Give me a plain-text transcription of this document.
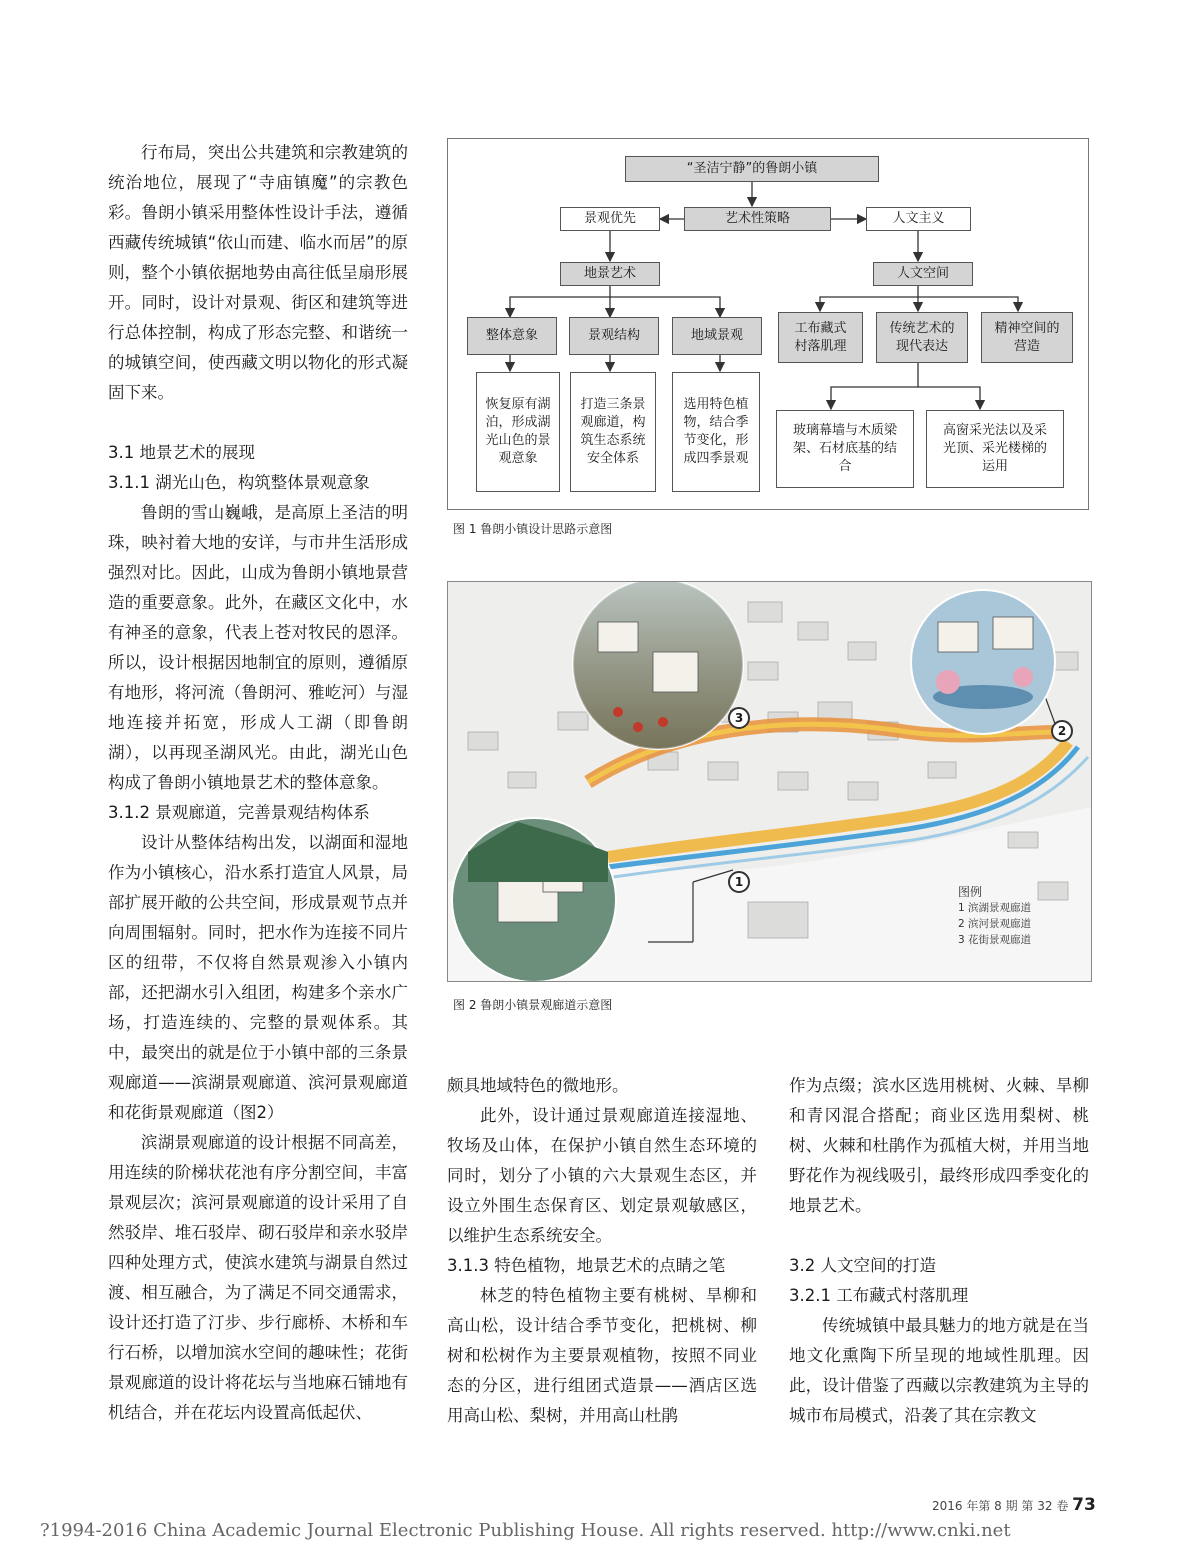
行布局，突出公共建筑和宗教建筑的统治地位，展现了“寺庙镇魔”的宗教色彩。鲁朗小镇采用整体性设计手法，遵循西藏传统城镇“依山而建、临水而居”的原则，整个小镇依据地势由高往低呈扇形展开。同时，设计对景观、街区和建筑等进行总体控制，构成了形态完整、和谐统一的城镇空间，使西藏文明以物化的形式凝固下来。

3.1 地景艺术的展现

3.1.1 湖光山色，构筑整体景观意象

鲁朗的雪山巍峨，是高原上圣洁的明珠，映衬着大地的安详，与市井生活形成强烈对比。因此，山成为鲁朗小镇地景营造的重要意象。此外，在藏区文化中，水有神圣的意象，代表上苍对牧民的恩泽。所以，设计根据因地制宜的原则，遵循原有地形，将河流（鲁朗河、雅屹河）与湿地连接并拓宽，形成人工湖（即鲁朗湖），以再现圣湖风光。由此，湖光山色构成了鲁朗小镇地景艺术的整体意象。

3.1.2 景观廊道，完善景观结构体系

设计从整体结构出发，以湖面和湿地作为小镇核心，沿水系打造宜人风景，局部扩展开敞的公共空间，形成景观节点并向周围辐射。同时，把水作为连接不同片区的纽带，不仅将自然景观渗入小镇内部，还把湖水引入组团，构建多个亲水广场，打造连续的、完整的景观体系。其中，最突出的就是位于小镇中部的三条景观廊道——滨湖景观廊道、滨河景观廊道和花街景观廊道（图2）

滨湖景观廊道的设计根据不同高差，用连续的阶梯状花池有序分割空间，丰富景观层次；滨河景观廊道的设计采用了自然驳岸、堆石驳岸、砌石驳岸和亲水驳岸四种处理方式，使滨水建筑与湖景自然过渡、相互融合，为了满足不同交通需求，设计还打造了汀步、步行廊桥、木桥和车行石桥，以增加滨水空间的趣味性；花街景观廊道的设计将花坛与当地麻石铺地有机结合，并在花坛内设置高低起伏、

颇具地域特色的微地形。

此外，设计通过景观廊道连接湿地、牧场及山体，在保护小镇自然生态环境的同时，划分了小镇的六大景观生态区，并设立外围生态保育区、划定景观敏感区，以维护生态系统安全。

3.1.3 特色植物，地景艺术的点睛之笔

林芝的特色植物主要有桃树、旱柳和高山松，设计结合季节变化，把桃树、柳树和松树作为主要景观植物，按照不同业态的分区，进行组团式造景——酒店区选用高山松、梨树，并用高山杜鹃

作为点缀；滨水区选用桃树、火棘、旱柳和青冈混合搭配；商业区选用梨树、桃树、火棘和杜鹃作为孤植大树，并用当地野花作为视线吸引，最终形成四季变化的地景艺术。

3.2 人文空间的打造

3.2.1 工布藏式村落肌理

传统城镇中最具魅力的地方就是在当地文化熏陶下所呈现的地域性肌理。因此，设计借鉴了西藏以宗教建筑为主导的城市布局模式，沿袭了其在宗教文

“圣洁宁静”的鲁朗小镇
艺术性策略
景观优先	人文主义
地景艺术	人文空间
整体意象	景观结构	地域景观
恢复原有湖泊，形成湖光山色的景观意象
打造三条景观廊道，构筑生态系统安全体系
选用特色植物，结合季节变化，形成四季景观
工布藏式村落肌理
传统艺术的现代表达
精神空间的营造
玻璃幕墙与木质梁架、石材底基的结合
高窗采光法以及采光顶、采光楼梯的运用
图 1 鲁朗小镇设计思路示意图
3
2
1
图例
1 滨湖景观廊道
2 滨河景观廊道
3 花街景观廊道
图 2 鲁朗小镇景观廊道示意图
2016 年第 8 期 第 32 卷 73
?1994-2016 China Academic Journal Electronic Publishing House. All rights reserved. http://www.cnki.net
